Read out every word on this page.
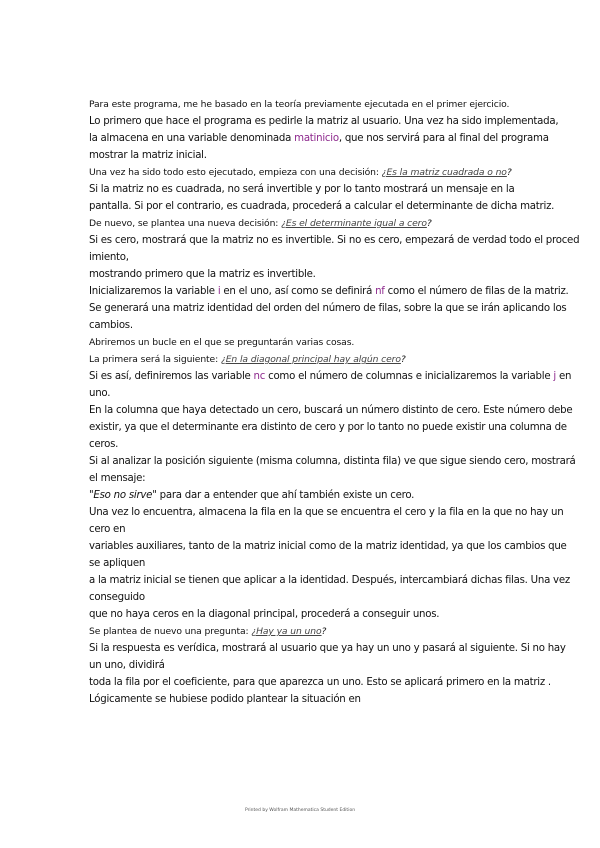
Para este programa, me he basado en la teoría previamente ejecutada en el primer ejercicio.
Lo primero que hace el programa es pedirle la matriz al usuario. Una vez ha sido implementada,
la almacena en una variable denominada matinicio, que nos servirá para al final del programa
mostrar la matriz inicial.
Una vez ha sido todo esto ejecutado, empieza con una decisión: ¿Es la matriz cuadrada o no?
Si la matriz no es cuadrada, no será invertible y por lo tanto mostrará un mensaje en la
pantalla. Si por el contrario, es cuadrada, procederá a calcular el determinante de dicha matriz.
De nuevo, se plantea una nueva decisión: ¿Es el determinante igual a cero?
Si es cero, mostrará que la matriz no es invertible. Si no es cero, empezará de verdad todo el proced
imiento,
mostrando primero que la matriz es invertible.
Inicializaremos la variable i en el uno, así como se definirá nf como el número de filas de la matriz.
Se generará una matriz identidad del orden del número de filas, sobre la que se irán aplicando los
cambios.
Abriremos un bucle en el que se preguntarán varias cosas.
La primera será la siguiente: ¿En la diagonal principal hay algún cero?
Si es así, definiremos las variable nc como el número de columnas e inicializaremos la variable j en
uno.
En la columna que haya detectado un cero, buscará un número distinto de cero. Este número debe
existir, ya que el determinante era distinto de cero y por lo tanto no puede existir una columna de
ceros.
Si al analizar la posición siguiente (misma columna, distinta fila) ve que sigue siendo cero, mostrará
el mensaje:
"Eso no sirve" para dar a entender que ahí también existe un cero.
Una vez lo encuentra, almacena la fila en la que se encuentra el cero y la fila en la que no hay un
cero en
variables auxiliares, tanto de la matriz inicial como de la matriz identidad, ya que los cambios que
se apliquen
a la matriz inicial se tienen que aplicar a la identidad. Después, intercambiará dichas filas. Una vez
conseguido
que no haya ceros en la diagonal principal, procederá a conseguir unos.
Se plantea de nuevo una pregunta: ¿Hay ya un uno?
Si la respuesta es verídica, mostrará al usuario que ya hay un uno y pasará al siguiente. Si no hay
un uno, dividirá
toda la fila por el coeficiente, para que aparezca un uno. Esto se aplicará primero en la matriz .
Lógicamente se hubiese podido plantear la situación en
Printed by Wolfram Mathematica Student Edition
